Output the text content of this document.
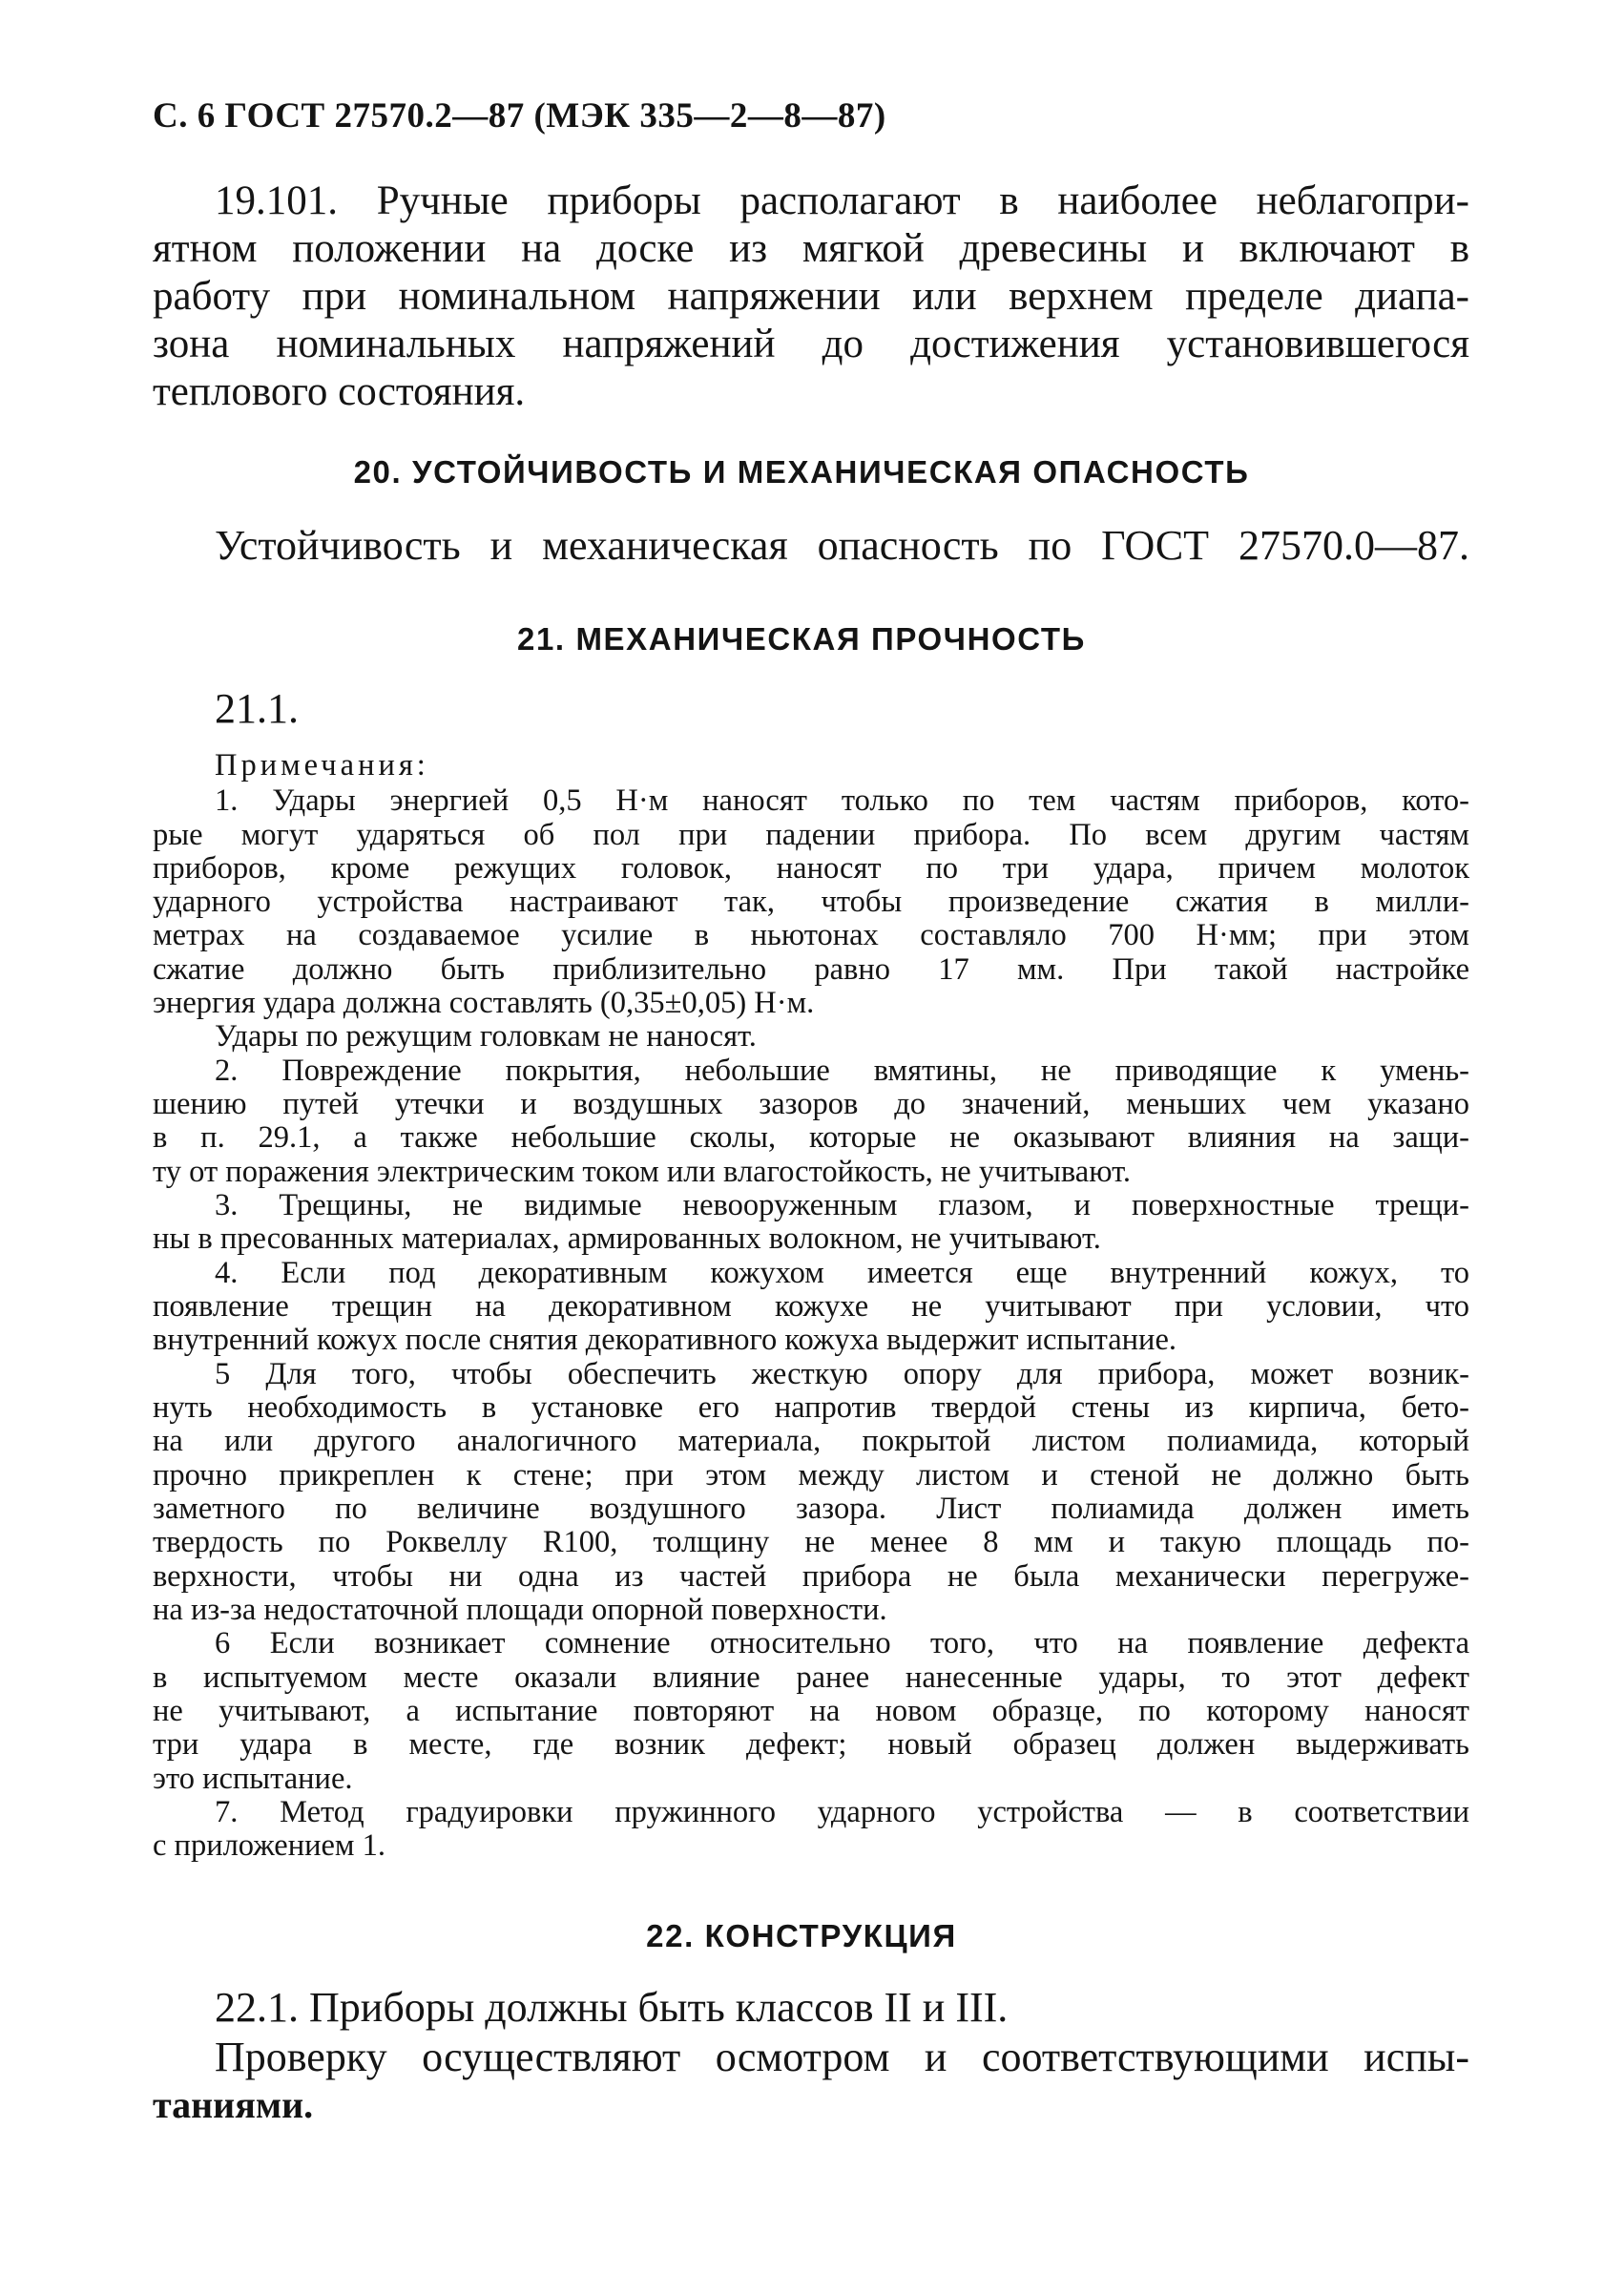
С. 6 ГОСТ 27570.2—87 (МЭК 335—2—8—87)

19.101. Ручные приборы располагают в наиболее неблагопри-

ятном положении на доске из мягкой древесины и включают в

работу при номинальном напряжении или верхнем пределе диапа-

зона номинальных напряжений до достижения установившегося

теплового состояния.

20. УСТОЙЧИВОСТЬ И МЕХАНИЧЕСКАЯ ОПАСНОСТЬ

Устойчивость и механическая опасность по ГОСТ 27570.0—87.

21. МЕХАНИЧЕСКАЯ ПРОЧНОСТЬ

21.1.

Примечания:

1. Удары энергией 0,5 Н·м наносят только по тем частям приборов, кото-

рые могут ударяться об пол при падении прибора. По всем другим частям

приборов, кроме режущих головок, наносят по три удара, причем молоток

ударного устройства настраивают так, чтобы произведение сжатия в милли-

метрах на создаваемое усилие в ньютонах составляло 700 Н·мм; при этом

сжатие должно быть приблизительно равно 17 мм. При такой настройке

энергия удара должна составлять (0,35±0,05) Н·м.

Удары по режущим головкам не наносят.

2. Повреждение покрытия, небольшие вмятины, не приводящие к умень-

шению путей утечки и воздушных зазоров до значений, меньших чем указано

в п. 29.1, а также небольшие сколы, которые не оказывают влияния на защи-

ту от поражения электрическим током или влагостойкость, не учитывают.

3. Трещины, не видимые невооруженным глазом, и поверхностные трещи-

ны в пресованных материалах, армированных волокном, не учитывают.

4. Если под декоративным кожухом имеется еще внутренний кожух, то

появление трещин на декоративном кожухе не учитывают при условии, что

внутренний кожух после снятия декоративного кожуха выдержит испытание.

5 Для того, чтобы обеспечить жесткую опору для прибора, может возник-

нуть необходимость в установке его напротив твердой стены из кирпича, бето-

на или другого аналогичного материала, покрытой листом полиамида, который

прочно прикреплен к стене; при этом между листом и стеной не должно быть

заметного по величине воздушного зазора. Лист полиамида должен иметь

твердость по Роквеллу R100, толщину не менее 8 мм и такую площадь по-

верхности, чтобы ни одна из частей прибора не была механически перегруже-

на из-за недостаточной площади опорной поверхности.

6 Если возникает сомнение относительно того, что на появление дефекта

в испытуемом месте оказали влияние ранее нанесенные удары, то этот дефект

не учитывают, а испытание повторяют на новом образце, по которому наносят

три удара в месте, где возник дефект; новый образец должен выдерживать

это испытание.

7. Метод градуировки пружинного ударного устройства — в соответствии

с приложением 1.

22. КОНСТРУКЦИЯ

22.1. Приборы должны быть классов II и III.

Проверку осуществляют осмотром и соответствующими испы-

таниями.
